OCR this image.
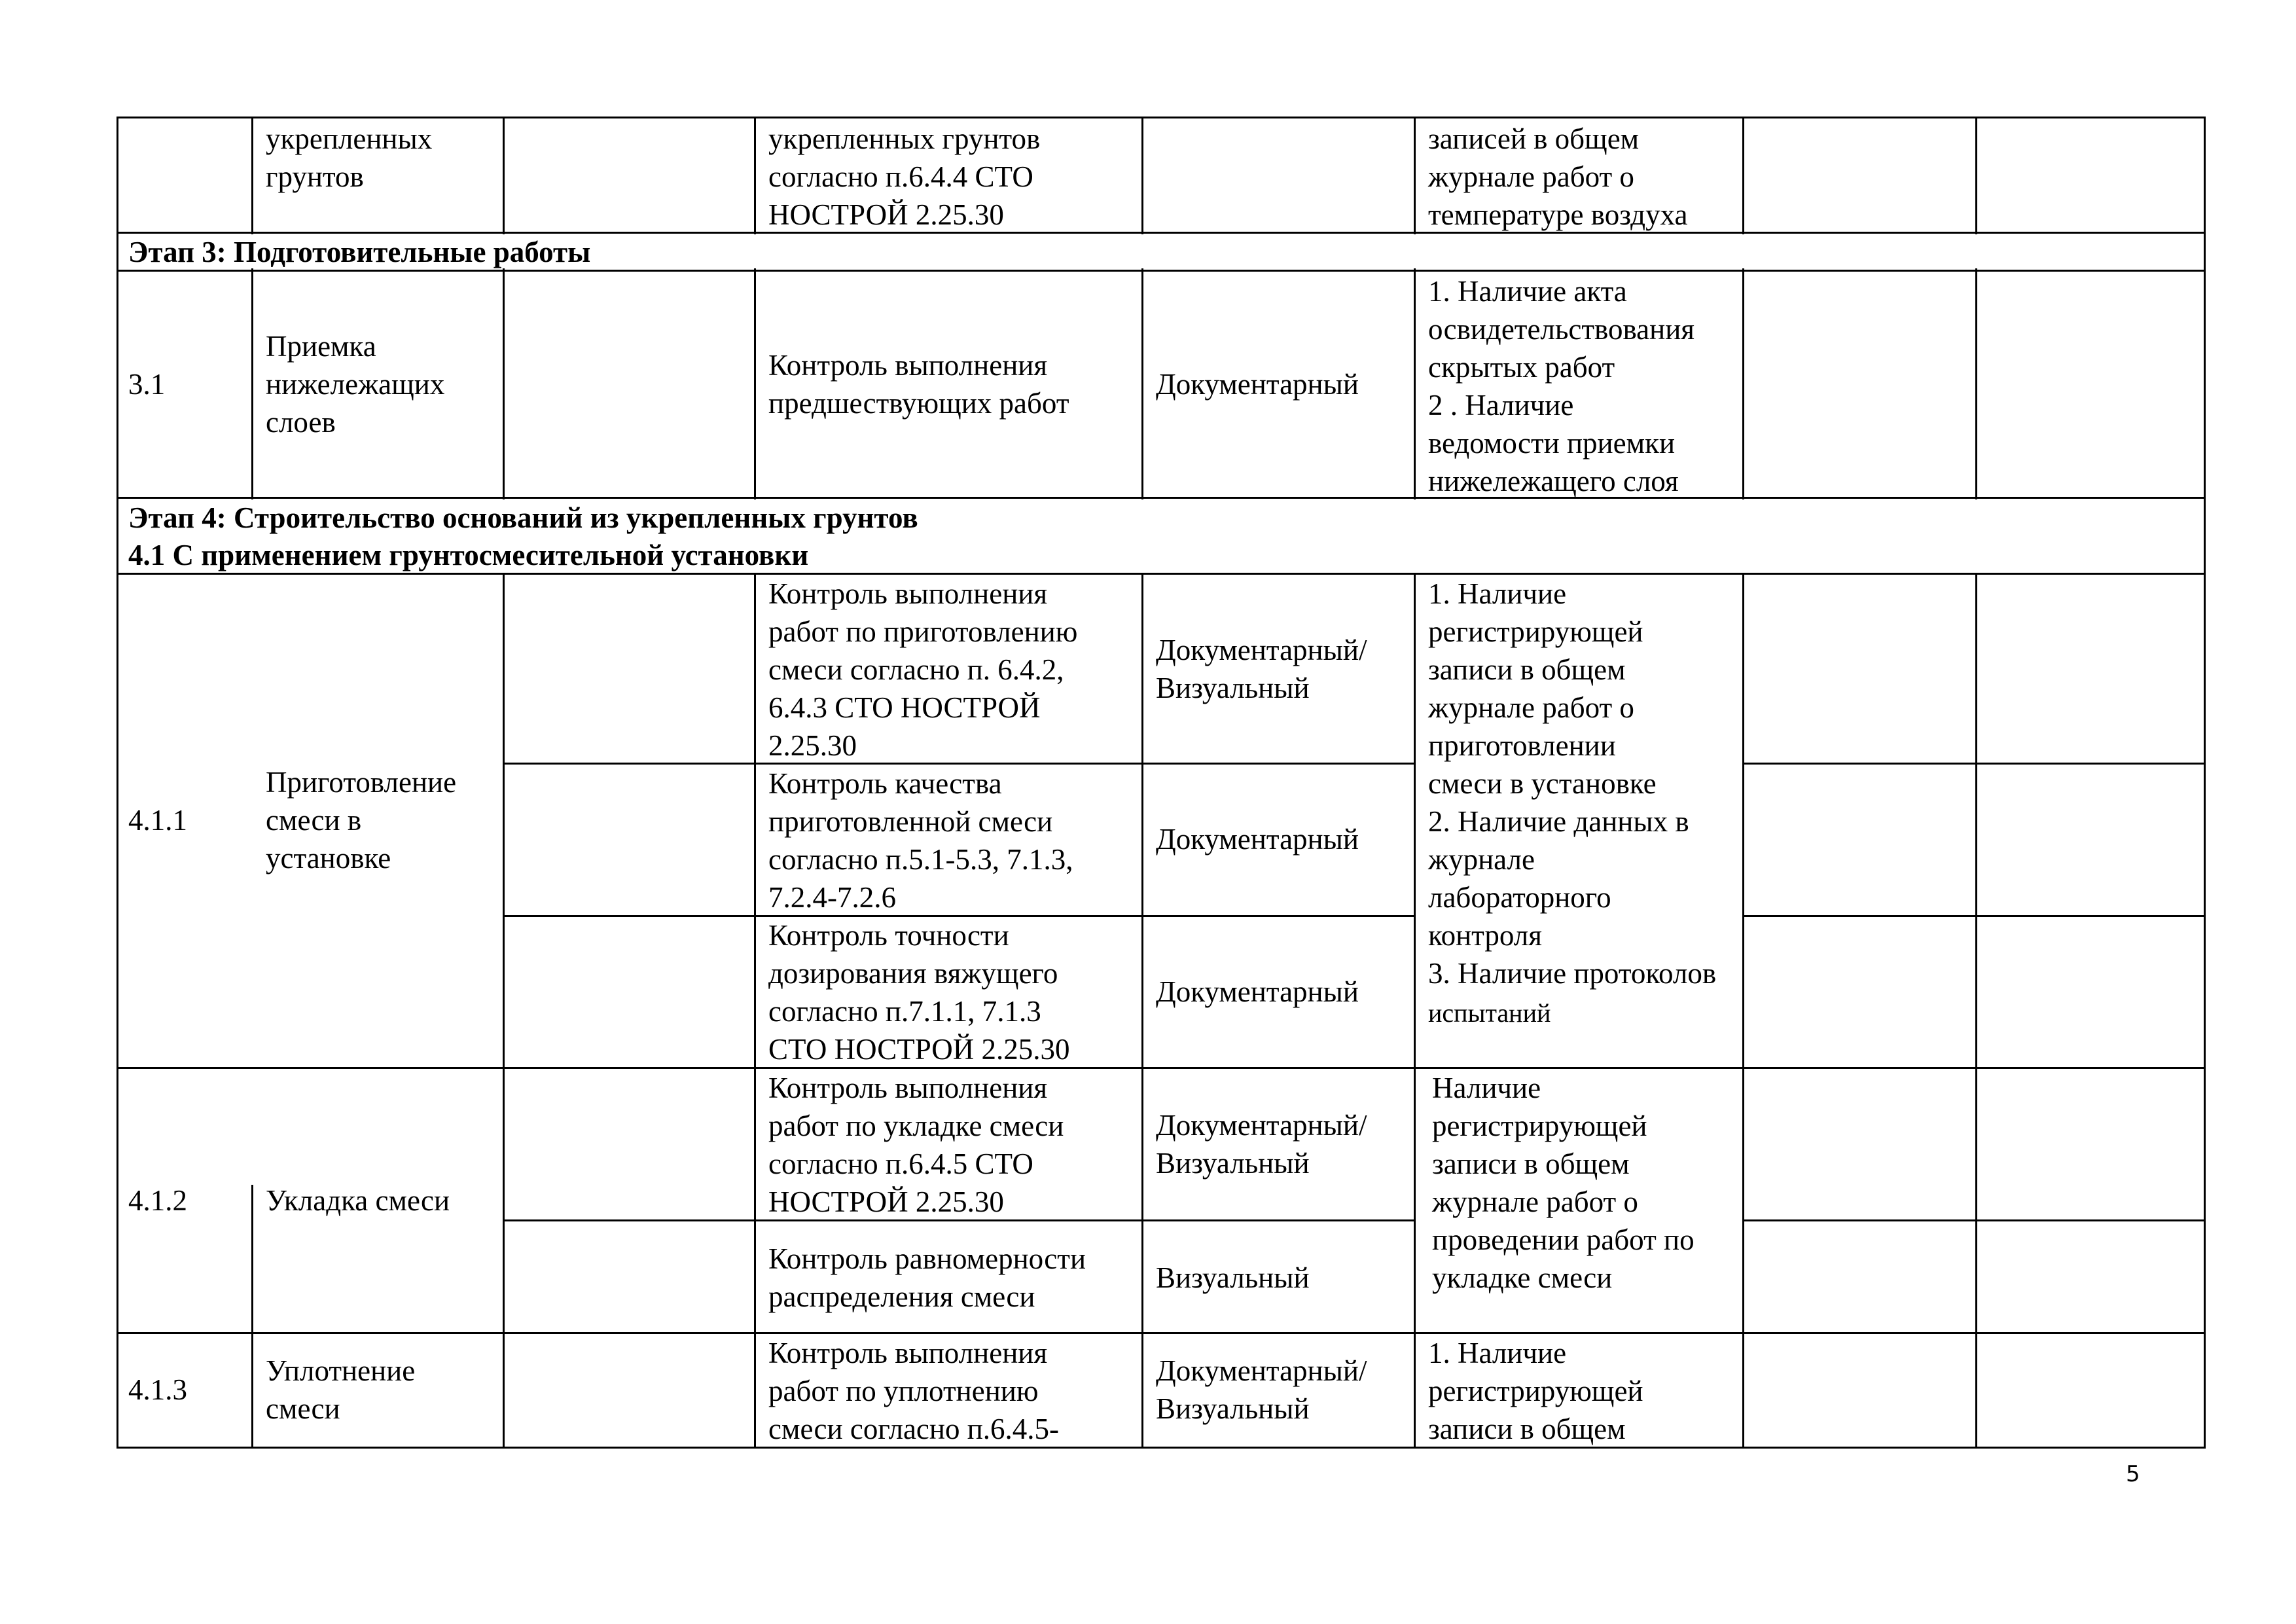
укрепленных
грунтов
укрепленных грунтов
согласно п.6.4.4 СТО
НОСТРОЙ 2.25.30
записей в общем
журнале работ о
температуре воздуха
Этап 3: Подготовительные работы
3.1
Приемка
нижележащих
слоев
Контроль выполнения
предшествующих работ
Документарный
1. Наличие акта
освидетельствования
скрытых работ
2 . Наличие
ведомости приемки
нижележащего слоя
Этап 4: Строительство оснований из укрепленных грунтов
4.1 С применением грунтосмесительной установки
4.1.1
Приготовление
смеси в
установке
Контроль выполнения
работ по приготовлению
смеси согласно п. 6.4.2,
6.4.3 СТО НОСТРОЙ
2.25.30
Документарный/
Визуальный
Контроль качества
приготовленной смеси
согласно п.5.1-5.3, 7.1.3,
7.2.4-7.2.6
Документарный
Контроль точности
дозирования вяжущего
согласно п.7.1.1, 7.1.3
СТО НОСТРОЙ 2.25.30
Документарный
1. Наличие
регистрирующей
записи в общем
журнале работ о
приготовлении
смеси в установке
2. Наличие данных в
журнале
лабораторного
контроля
3. Наличие протоколов
испытаний
4.1.2	Укладка смеси
Контроль выполнения
работ по укладке смеси
согласно п.6.4.5 СТО
НОСТРОЙ 2.25.30
Документарный/
Визуальный
Контроль равномерности
распределения смеси
Визуальный
Наличие
регистрирующей
записи в общем
журнале работ о
проведении работ по
укладке смеси
4.1.3
Уплотнение
смеси
Контроль выполнения
работ по уплотнению
смеси согласно п.6.4.5-
Документарный/
Визуальный
1. Наличие
регистрирующей
записи в общем
5
